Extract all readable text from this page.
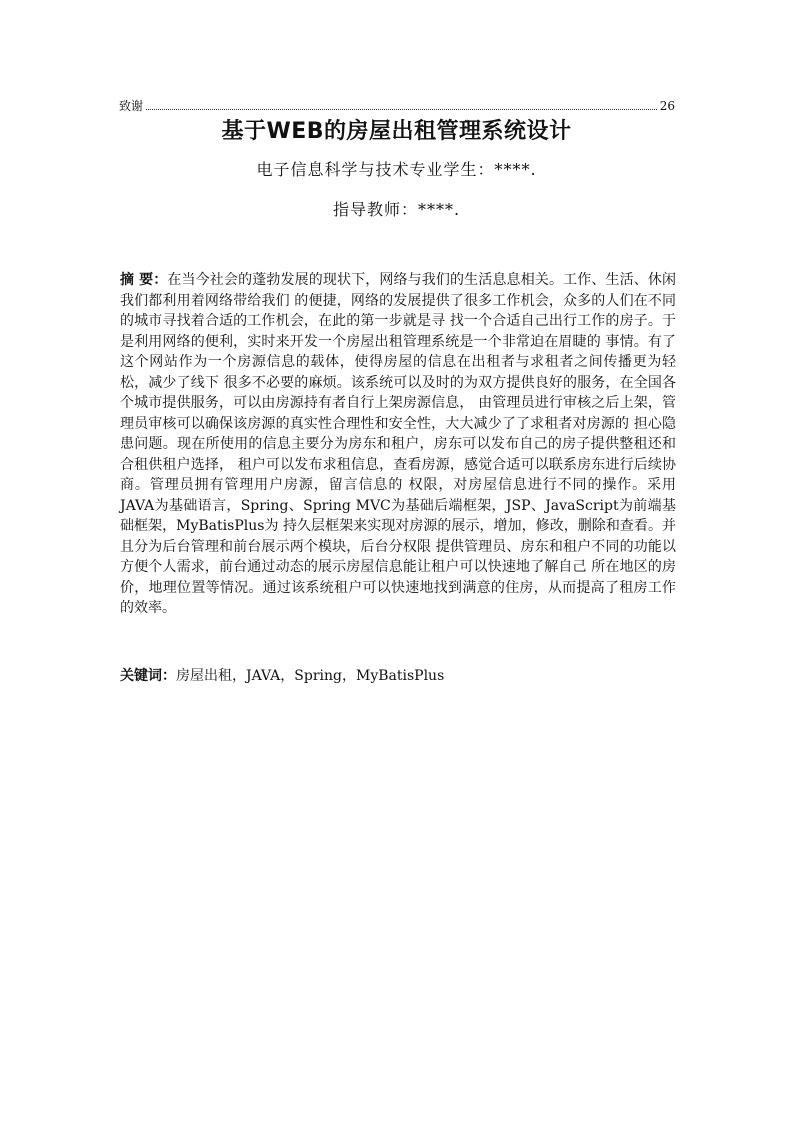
致谢	26
基于WEB的房屋出租管理系统设计
电子信息科学与技术专业学生：****.
指导教师：****.
摘 要：在当今社会的蓬勃发展的现状下，网络与我们的生活息息相关。工作、生活、休闲我们都利用着网络带给我们 的便捷，网络的发展提供了很多工作机会，众多的人们在不同的城市寻找着合适的工作机会，在此的第一步就是寻 找一个合适自己出行工作的房子。于是利用网络的便利，实时来开发一个房屋出租管理系统是一个非常迫在眉睫的 事情。有了这个网站作为一个房源信息的载体，使得房屋的信息在出租者与求租者之间传播更为轻松，减少了线下 很多不必要的麻烦。该系统可以及时的为双方提供良好的服务，在全国各个城市提供服务，可以由房源持有者自行上架房源信息， 由管理员进行审核之后上架，管理员审核可以确保该房源的真实性合理性和安全性，大大减少了了求租者对房源的 担心隐患问题。现在所使用的信息主要分为房东和租户，房东可以发布自己的房子提供整租还和合租供租户选择， 租户可以发布求租信息，查看房源，感觉合适可以联系房东进行后续协商。管理员拥有管理用户房源，留言信息的 权限，对房屋信息进行不同的操作。采用JAVA为基础语言，Spring、Spring MVC为基础后端框架，JSP、JavaScript为前端基础框架，MyBatisPlus为 持久层框架来实现对房源的展示，增加，修改，删除和查看。并且分为后台管理和前台展示两个模块，后台分权限 提供管理员、房东和租户不同的功能以方便个人需求，前台通过动态的展示房屋信息能让租户可以快速地了解自己 所在地区的房价，地理位置等情况。通过该系统租户可以快速地找到满意的住房，从而提高了租房工作的效率。
关键词：房屋出租，JAVA，Spring，MyBatisPlus
